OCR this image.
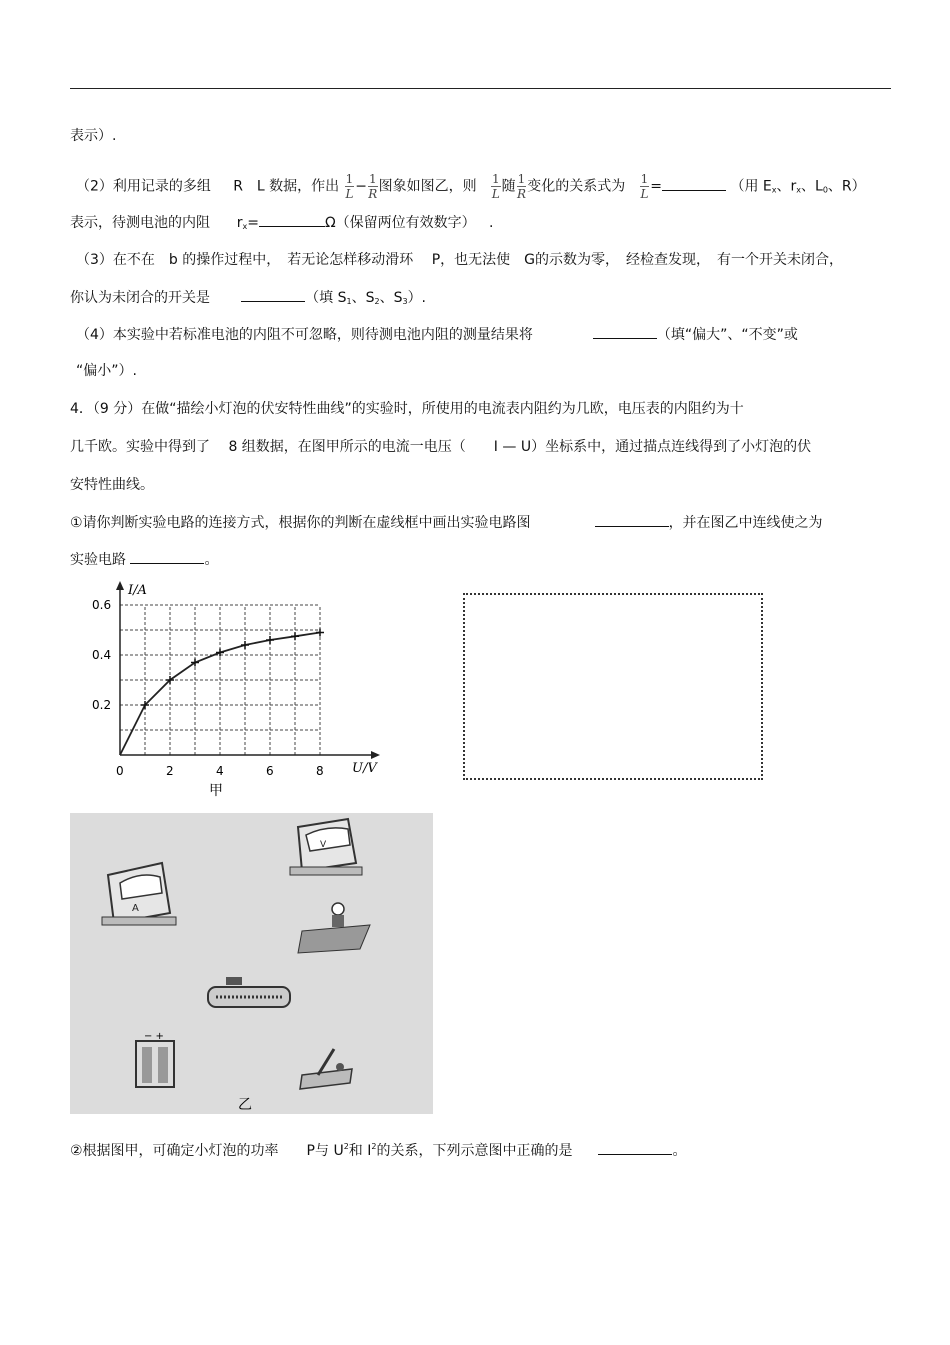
表示）.
（2）利用记录的多组 R　L 数据，作出 $\frac{1}{L} - \frac{1}{R}$ 图象如图乙，则 $\frac{1}{L}$ 随 $\frac{1}{R}$ 变化的关系式为 $\frac{1}{L}$ =	（用 $E_x$、$r_x$、$L_0$、R）
表示，待测电池的内阻 $r_x=$	Ω（保留两位有效数字） .
（3）在不在　b 的操作过程中，　若无论怎样移动滑环　 P，也无法使　G的示数为零，　经检查发现，　有一个开关未闭合，
你认为未闭合的开关是	（填 $S_1$、$S_2$、$S_3$）.
（4）本实验中若标准电池的内阻不可忽略，则待测电池内阻的测量结果将	（填“偏大”、“不变”或
“偏小”）.
4．（9 分）在做“描绘小灯泡的伏安特性曲线”的实验时，所使用的电流表内阻约为几欧，电压表的内阻约为十
几千欧。实验中得到了　 8 组数据，在图甲所示的电流一电压（　　I — U）坐标系中，通过描点连线得到了小灯泡的伏
安特性曲线。
①请你判断实验电路的连接方式，根据你的判断在虚线框中画出实验电路图	，并在图乙中连线使之为
实验电路	。
I/A
U/V
0.6
0.4
0.2
0	2	4	6	8
甲
A
V
− +
乙
②根据图甲，可确定小灯泡的功率　　P与 $U^2$和 $I^2$的关系，下列示意图中正确的是	。
